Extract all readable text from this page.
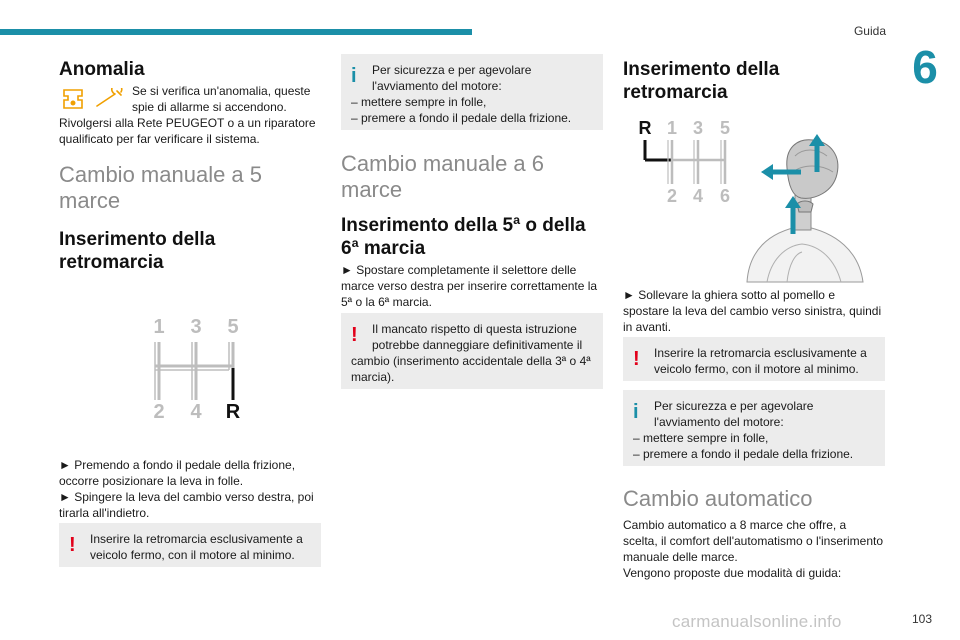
Guida
6
Anomalia
Se si verifica un'anomalia, queste
spie di allarme si accendono.
Rivolgersi alla Rete PEUGEOT o a un riparatore
qualificato per far verificare il sistema.
Cambio manuale a 5
marce
Inserimento della
retromarcia
1 3 5
2 4 R
► Premendo a fondo il pedale della frizione,
occorre posizionare la leva in folle.
► Spingere la leva del cambio verso destra, poi
tirarla all'indietro.
!	Inserire la retromarcia esclusivamente a
veicolo fermo, con il motore al minimo.
i	Per sicurezza e per agevolare
l'avviamento del motore:
– mettere sempre in folle,
– premere a fondo il pedale della frizione.
Cambio manuale a 6
marce
Inserimento della 5ª o della
6ª marcia
► Spostare completamente il selettore delle
marce verso destra per inserire correttamente la
5ª o la 6ª marcia.
!	Il mancato rispetto di questa istruzione
potrebbe danneggiare definitivamente il
cambio (inserimento accidentale della 3ª o 4ª
marcia).
Inserimento della
retromarcia
R 1 3 5
2 4 6
► Sollevare la ghiera sotto al pomello e
spostare la leva del cambio verso sinistra, quindi
in avanti.
!	Inserire la retromarcia esclusivamente a
veicolo fermo, con il motore al minimo.
i	Per sicurezza e per agevolare
l'avviamento del motore:
– mettere sempre in folle,
– premere a fondo il pedale della frizione.
Cambio automatico
Cambio automatico a 8 marce che offre, a
scelta, il comfort dell'automatismo o l'inserimento
manuale delle marce.
Vengono proposte due modalità di guida:
carmanualsonline.info	103
